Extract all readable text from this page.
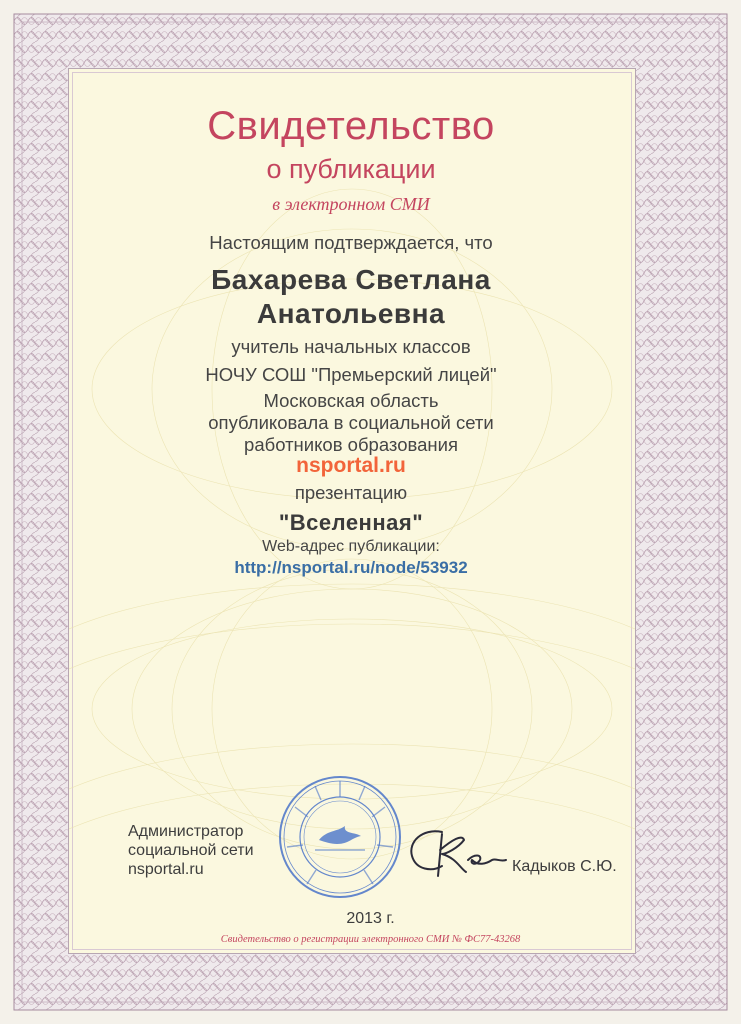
Свидетельство
о публикации
в электронном СМИ
Настоящим подтверждается, что
Бахарева Светлана
Анатольевна
учитель начальных классов
НОЧУ СОШ "Премьерский лицей"
Московская область
опубликовала в социальной сети
работников образования
nsportal.ru
презентацию
"Вселенная"
Web-адрес публикации:
http://nsportal.ru/node/53932
Администратор
социальной сети
nsportal.ru	Кадыков С.Ю.
2013 г.
Свидетельство о регистрации электронного СМИ № ФС77-43268
